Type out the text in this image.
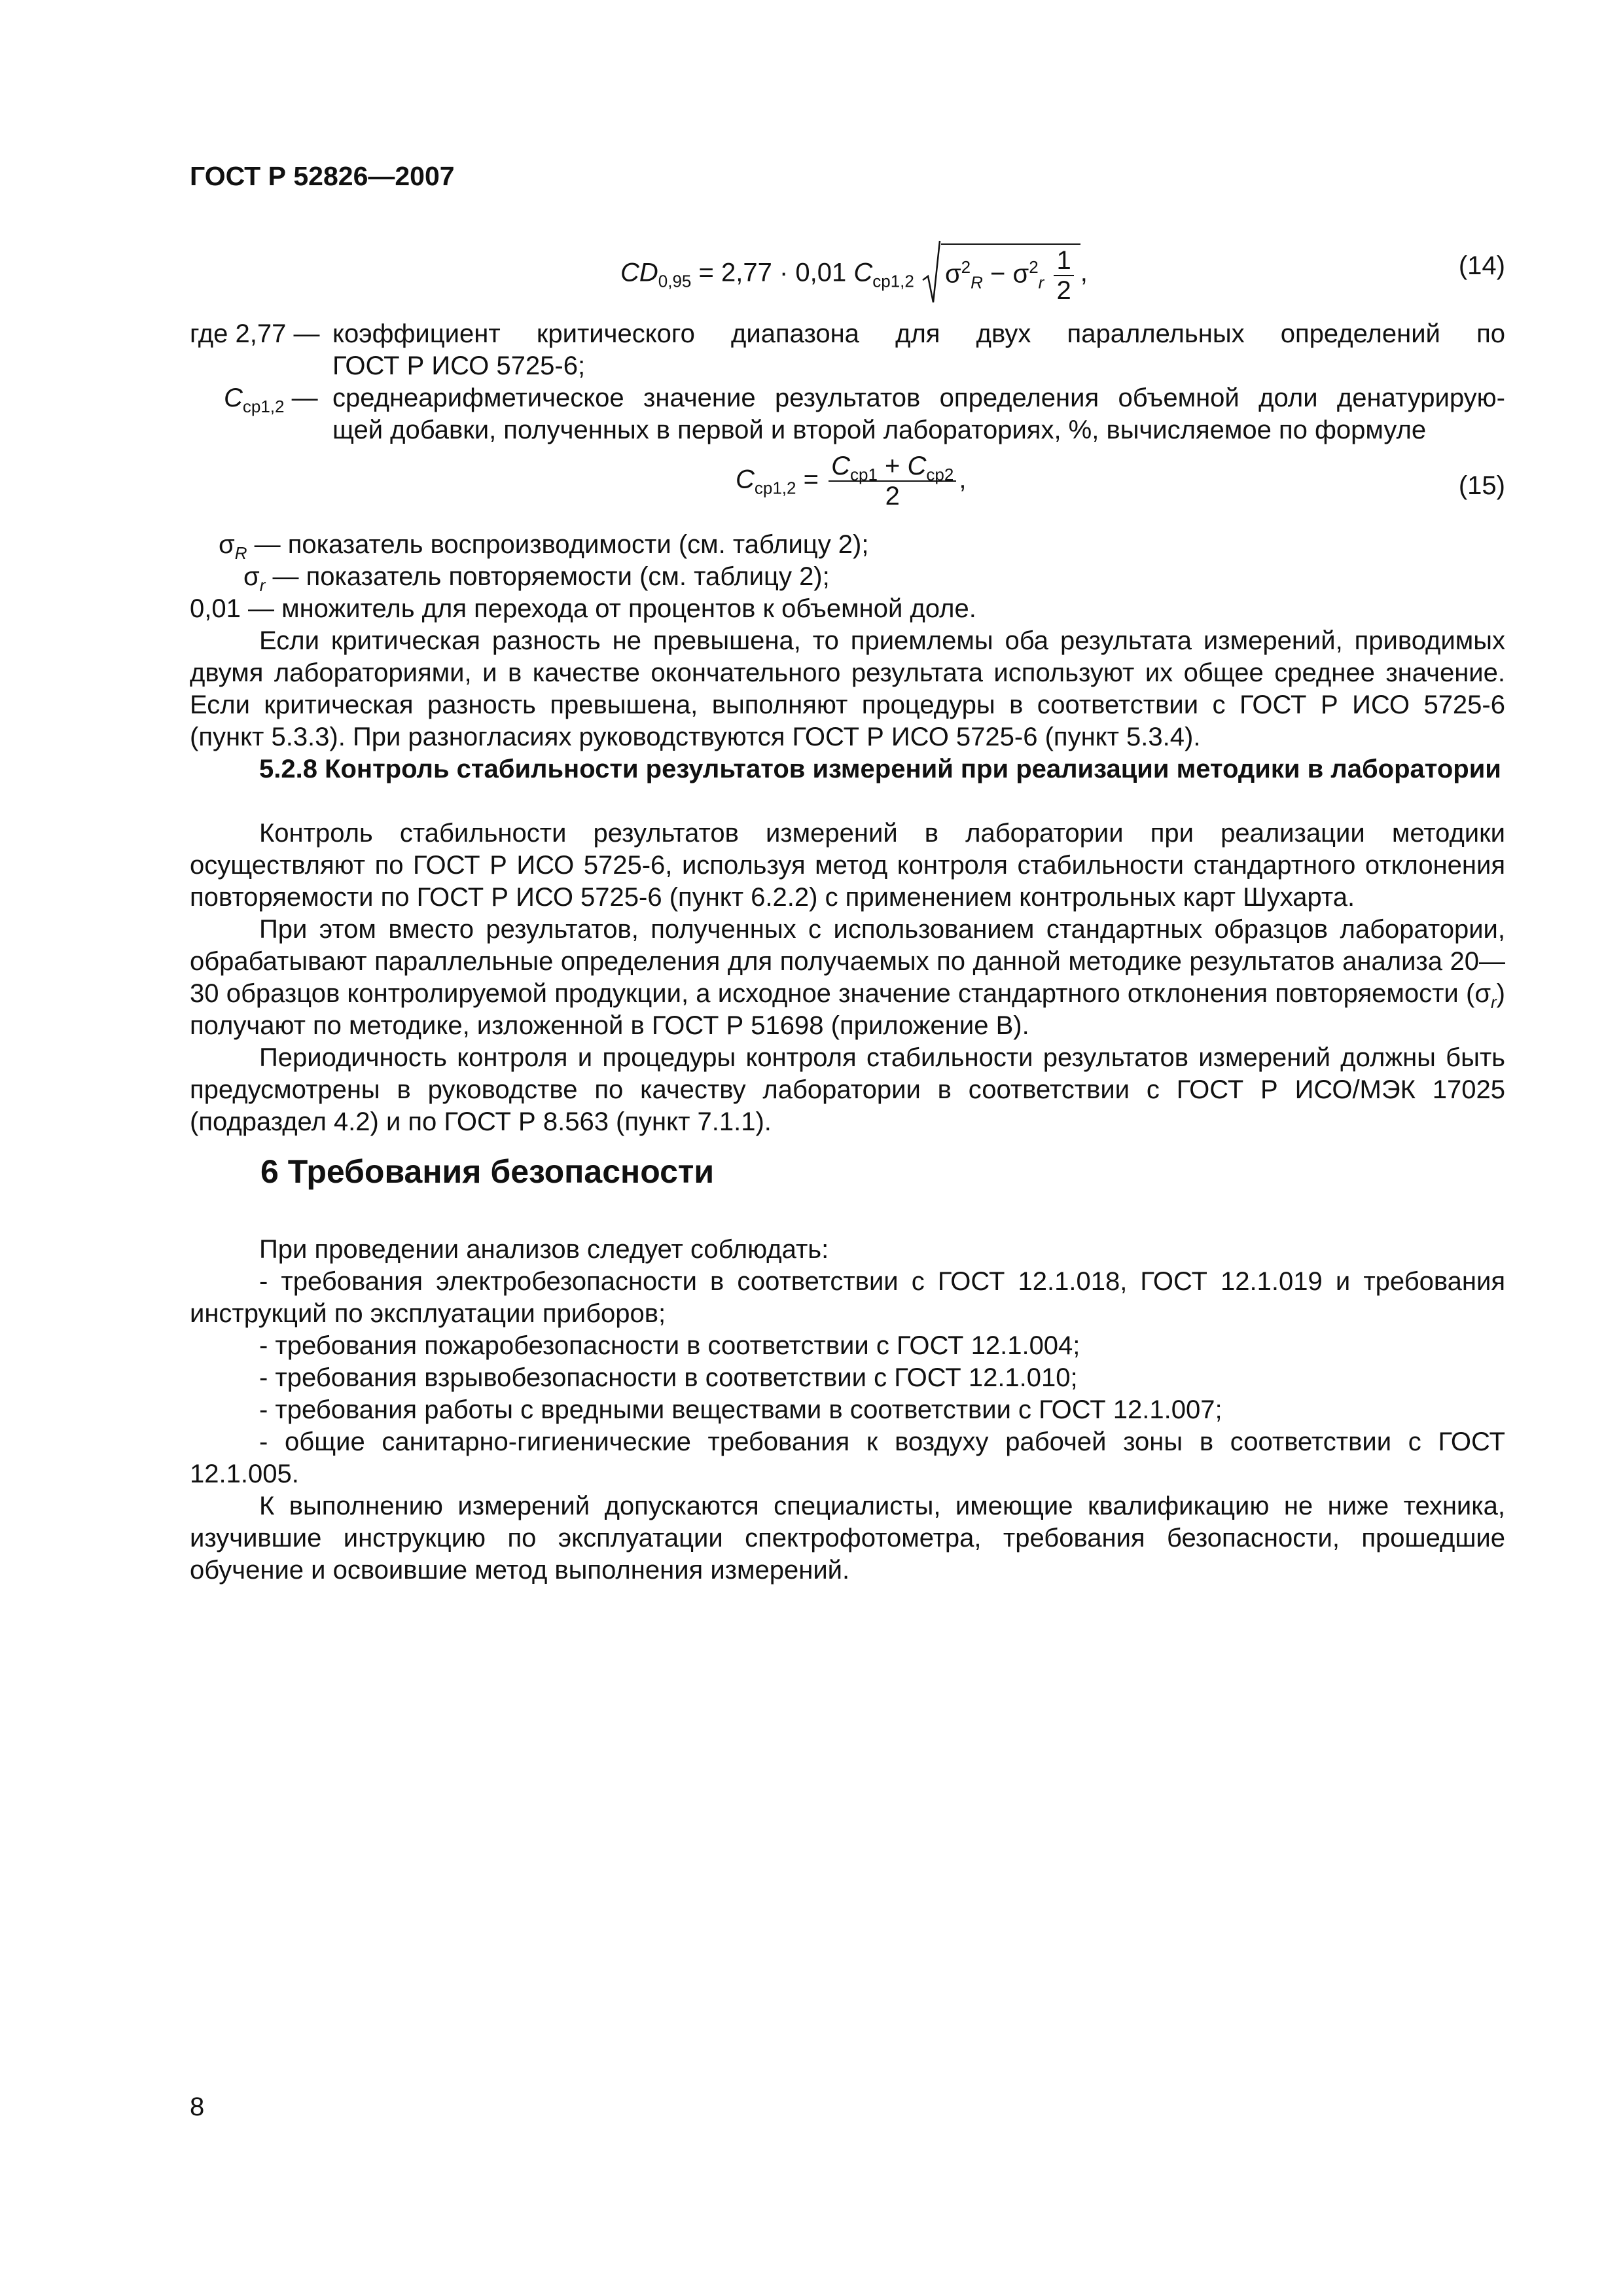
ГОСТ Р 52826—2007
$CD_{0,95} = 2,77 \cdot 0,01$ $C_{ср1,2}$ $\sigma^2_R - \sigma^2_r \frac{1}{2}$ ,	(14)
где 2,77 — коэффициент критического диапазона для двух параллельных определений по
ГОСТ Р ИСО 5725-6;
$C_{ср1,2}$ — среднеарифметическое значение результатов определения объемной доли денатурирую-
щей добавки, полученных в первой и второй лабораториях, %, вычисляемое по формуле
$C_{ср1,2} = \frac{C_{ср1} + C_{ср2}}{2}$ ,	(15)
$\sigma_R$ — показатель воспроизводимости (см. таблицу 2);
$\sigma_r$ — показатель повторяемости (см. таблицу 2);
0,01 — множитель для перехода от процентов к объемной доле.
Если критическая разность не превышена, то приемлемы оба результата измерений, приводимых двумя лабораториями, и в качестве окончательного результата используют их общее среднее значение. Если критическая разность превышена, выполняют процедуры в соответствии с ГОСТ Р ИСО 5725-6 (пункт 5.3.3). При разногласиях руководствуются ГОСТ Р ИСО 5725-6 (пункт 5.3.4).
5.2.8 Контроль стабильности результатов измерений при реализации методики в лаборатории
Контроль стабильности результатов измерений в лаборатории при реализации методики осуществляют по ГОСТ Р ИСО 5725-6, используя метод контроля стабильности стандартного отклонения повторяемости по ГОСТ Р ИСО 5725-6 (пункт 6.2.2) с применением контрольных карт Шухарта.
При этом вместо результатов, полученных с использованием стандартных образцов лаборатории, обрабатывают параллельные определения для получаемых по данной методике результатов анализа 20—30 образцов контролируемой продукции, а исходное значение стандартного отклонения повторяемости $(\sigma_r)$ получают по методике, изложенной в ГОСТ Р 51698 (приложение В).
Периодичность контроля и процедуры контроля стабильности результатов измерений должны быть предусмотрены в руководстве по качеству лаборатории в соответствии с ГОСТ Р ИСО/МЭК 17025 (подраздел 4.2) и по ГОСТ Р 8.563 (пункт 7.1.1).
6 Требования безопасности
При проведении анализов следует соблюдать:
- требования электробезопасности в соответствии с ГОСТ 12.1.018, ГОСТ 12.1.019 и требования инструкций по эксплуатации приборов;
- требования пожаробезопасности в соответствии с ГОСТ 12.1.004;
- требования взрывобезопасности в соответствии с ГОСТ 12.1.010;
- требования работы с вредными веществами в соответствии с ГОСТ 12.1.007;
- общие санитарно-гигиенические требования к воздуху рабочей зоны в соответствии с ГОСТ 12.1.005.
К выполнению измерений допускаются специалисты, имеющие квалификацию не ниже техника, изучившие инструкцию по эксплуатации спектрофотометра, требования безопасности, прошедшие обучение и освоившие метод выполнения измерений.
8
